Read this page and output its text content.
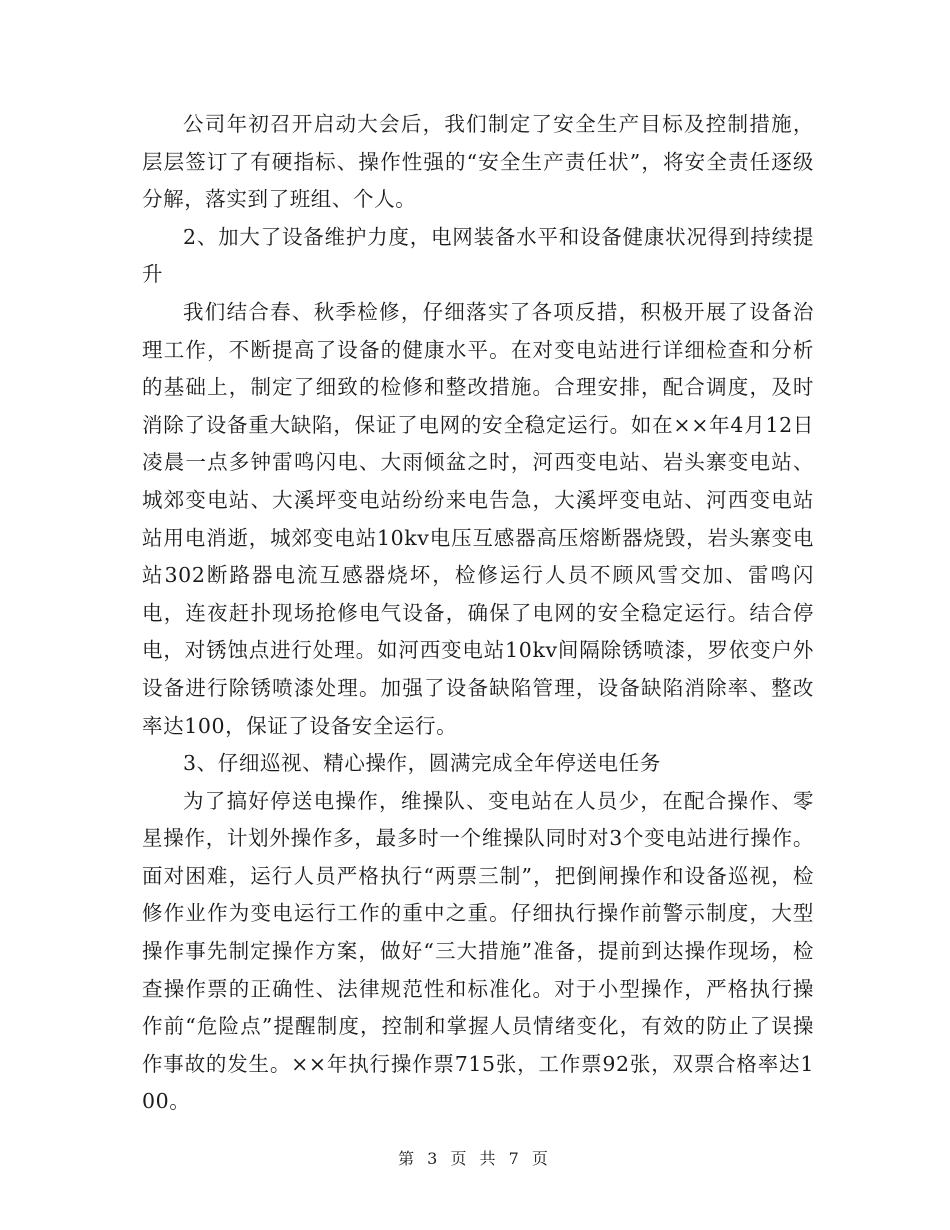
公司年初召开启动大会后，我们制定了安全生产目标及控制措施，层层签订了有硬指标、操作性强的“安全生产责任状”，将安全责任逐级分解，落实到了班组、个人。

2、加大了设备维护力度，电网装备水平和设备健康状况得到持续提升

我们结合春、秋季检修，仔细落实了各项反措，积极开展了设备治理工作，不断提高了设备的健康水平。在对变电站进行详细检查和分析的基础上，制定了细致的检修和整改措施。合理安排，配合调度，及时消除了设备重大缺陷，保证了电网的安全稳定运行。如在××年4月12日凌晨一点多钟雷鸣闪电、大雨倾盆之时，河西变电站、岩头寨变电站、城郊变电站、大溪坪变电站纷纷来电告急，大溪坪变电站、河西变电站站用电消逝，城郊变电站10kv电压互感器高压熔断器烧毁，岩头寨变电站302断路器电流互感器烧坏，检修运行人员不顾风雪交加、雷鸣闪电，连夜赶扑现场抢修电气设备，确保了电网的安全稳定运行。结合停电，对锈蚀点进行处理。如河西变电站10kv间隔除锈喷漆，罗依变户外设备进行除锈喷漆处理。加强了设备缺陷管理，设备缺陷消除率、整改率达100，保证了设备安全运行。

3、仔细巡视、精心操作，圆满完成全年停送电任务

为了搞好停送电操作，维操队、变电站在人员少，在配合操作、零星操作，计划外操作多，最多时一个维操队同时对3个变电站进行操作。面对困难，运行人员严格执行“两票三制”，把倒闸操作和设备巡视，检修作业作为变电运行工作的重中之重。仔细执行操作前警示制度，大型操作事先制定操作方案，做好“三大措施”准备，提前到达操作现场，检查操作票的正确性、法律规范性和标准化。对于小型操作，严格执行操作前“危险点”提醒制度，控制和掌握人员情绪变化，有效的防止了误操作事故的发生。××年执行操作票715张，工作票92张，双票合格率达100。

第 3 页 共 7 页
